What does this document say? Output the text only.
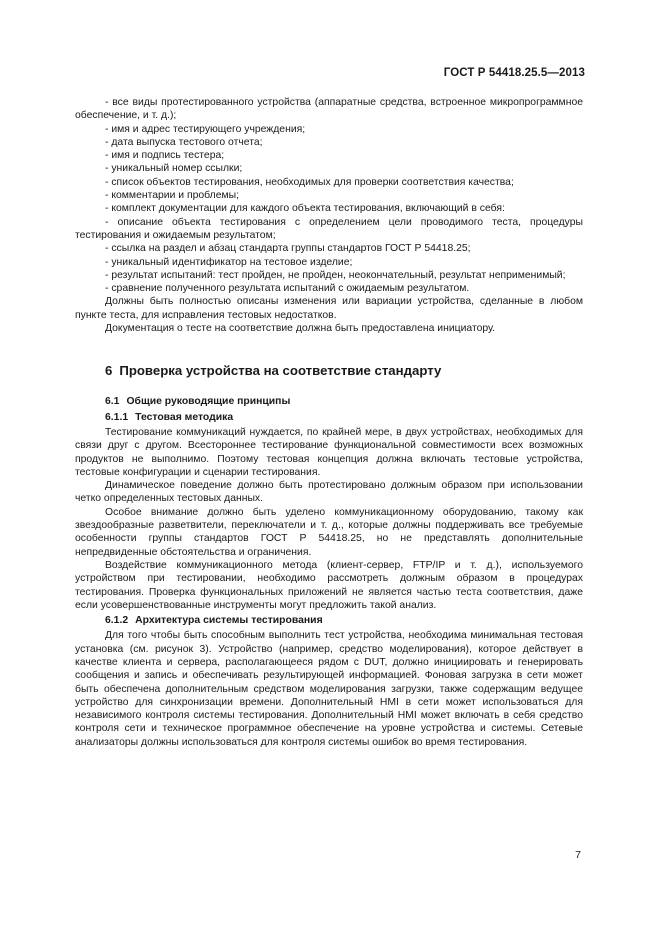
ГОСТ Р 54418.25.5—2013

- все виды протестированного устройства (аппаратные средства, встроенное микропрограммное обеспечение, и т. д.);

- имя и адрес тестирующего учреждения;

- дата выпуска тестового отчета;

- имя и подпись тестера;

- уникальный номер ссылки;

- список объектов тестирования, необходимых для проверки соответствия качества;

- комментарии и проблемы;

- комплект документации для каждого объекта тестирования, включающий в себя:

- описание объекта тестирования с определением цели проводимого теста, процедуры тестирования и ожидаемым результатом;

- ссылка на раздел и абзац стандарта группы стандартов ГОСТ Р 54418.25;

- уникальный идентификатор на тестовое изделие;

- результат испытаний: тест пройден, не пройден, неокончательный, результат неприменимый;

- сравнение полученного результата испытаний с ожидаемым результатом.

Должны быть полностью описаны изменения или вариации устройства, сделанные в любом пункте теста, для исправления тестовых недостатков.

Документация о тесте на соответствие должна быть предоставлена инициатору.

6 Проверка устройства на соответствие стандарту

6.1 Общие руководящие принципы

6.1.1 Тестовая методика

Тестирование коммуникаций нуждается, по крайней мере, в двух устройствах, необходимых для связи друг с другом. Всестороннее тестирование функциональной совместимости всех возможных продуктов не выполнимо. Поэтому тестовая концепция должна включать тестовые устройства, тестовые конфигурации и сценарии тестирования.

Динамическое поведение должно быть протестировано должным образом при использовании четко определенных тестовых данных.

Особое внимание должно быть уделено коммуникационному оборудованию, такому как звездообразные разветвители, переключатели и т. д., которые должны поддерживать все требуемые особенности группы стандартов ГОСТ Р 54418.25, но не представлять дополнительные непредвиденные обстоятельства и ограничения.

Воздействие коммуникационного метода (клиент-сервер, FTP/IP и т. д.), используемого устройством при тестировании, необходимо рассмотреть должным образом в процедурах тестирования. Проверка функциональных приложений не является частью теста соответствия, даже если усовершенствованные инструменты могут предложить такой анализ.

6.1.2 Архитектура системы тестирования

Для того чтобы быть способным выполнить тест устройства, необходима минимальная тестовая установка (см. рисунок 3). Устройство (например, средство моделирования), которое действует в качестве клиента и сервера, располагающееся рядом с DUT, должно инициировать и генерировать сообщения и запись и обеспечивать результирующей информацией. Фоновая загрузка в сети может быть обеспечена дополнительным средством моделирования загрузки, также содержащим ведущее устройство для синхронизации времени. Дополнительный HMI в сети может использоваться для независимого контроля системы тестирования. Дополнительный HMI может включать в себя средство контроля сети и техническое программное обеспечение на уровне устройства и системы. Сетевые анализаторы должны использоваться для контроля системы ошибок во время тестирования.

7
